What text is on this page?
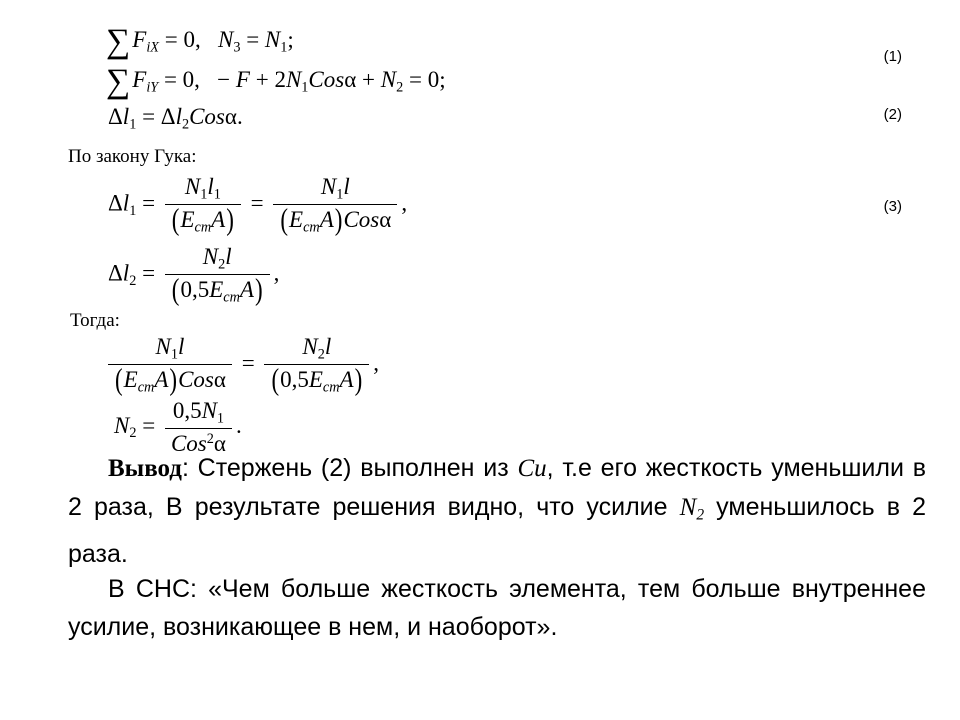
$\sum F_{iX} = 0$,   $N_3 = N_1$;
(1)
$\sum F_{iY} = 0$,   − $F + 2N_1Cos\alpha + N_2 = 0$;
$\Delta l_1 = \Delta l_2Cos\alpha$.	(2)
По закону Гука:
$\Delta l_1 = \frac{N_1l_1}{(E_{ст}A)} = \frac{N_1l}{(E_{ст}A)Cos\alpha}$ ,	(3)
$\Delta l_2 = \frac{N_2l}{(0,5E_{ст}A)}$ ,
Тогда:
$\frac{N_1l}{(E_{ст}A)Cos\alpha} = \frac{N_2l}{(0,5E_{ст}A)}$ ,
$N_2 = \frac{0,5N_1}{Cos^2\alpha}$ .
Вывод: Стержень (2) выполнен из Cu, т.е его жесткость уменьшили в 2 раза, В результате решения видно, что усилие $N_2$ уменьшилось в 2 раза.
В СНС: «Чем больше жесткость элемента, тем больше внутреннее усилие, возникающее в нем, и наоборот».
